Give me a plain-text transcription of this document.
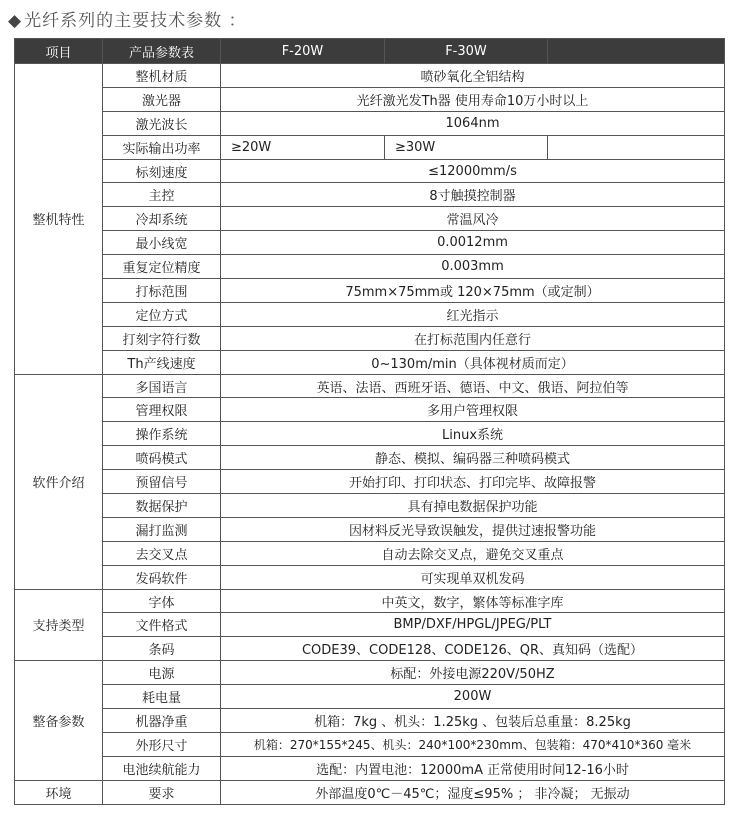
◆ 光纤系列的主要技术参数 ：
项目	产品参数表	F-20W	F-30W	
整机特性	整机材质	喷砂氧化全铝结构		
	激光器	光纤激光发Th器 使用寿命10万小时以上		
	激光波长	1064nm		
	实际输出功率	≥20W	≥30W	
	标刻速度	≤12000mm/s		
	主控	8寸触摸控制器		
	冷却系统	常温风冷		
	最小线宽	0.0012mm		
	重复定位精度	0.003mm		
	打标范围	75mm×75mm或 120×75mm（或定制）		
	定位方式	红光指示		
	打刻字符行数	在打标范围内任意行		
	Th产线速度	0~130m/min（具体视材质而定）		
软件介绍	多国语言	英语、法语、西班牙语、德语、中文、俄语、阿拉伯等		
	管理权限	多用户管理权限		
	操作系统	Linux系统		
	喷码模式	静态、模拟、编码器三种喷码模式		
	预留信号	开始打印、打印状态、打印完毕、故障报警		
	数据保护	具有掉电数据保护功能		
	漏打监测	因材料反光导致误触发，提供过速报警功能		
	去交叉点	自动去除交叉点，避免交叉重点		
	发码软件	可实现单双机发码		
支持类型	字体	中英文，数字，繁体等标准字库		
	文件格式	BMP/DXF/HPGL/JPEG/PLT		
	条码	CODE39、CODE128、CODE126、QR、真知码（选配）		
整备参数	电源	标配：外接电源220V/50HZ		
	耗电量	200W		
	机器净重	机箱：7kg 、机头：1.25kg 、包装后总重量：8.25kg		
	外形尺寸	机箱：270*155*245、机头：240*100*230mm、包装箱：470*410*360 毫米		
	电池续航能力	选配：内置电池：12000mA 正常使用时间12-16小时		
环境	要求	外部温度0℃－45℃；湿度≤95% ； 非冷凝； 无振动		
